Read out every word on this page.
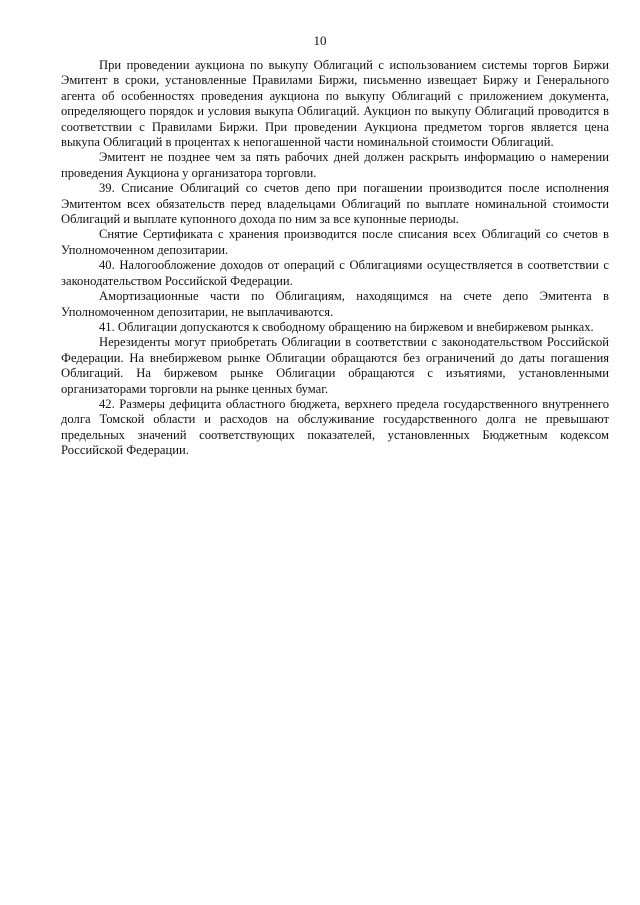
10

При проведении аукциона по выкупу Облигаций с использованием системы торгов Биржи Эмитент в сроки, установленные Правилами Биржи, письменно извещает Биржу и Генерального агента об особенностях проведения аукциона по выкупу Облигаций с приложением документа, определяющего порядок и условия выкупа Облигаций. Аукцион по выкупу Облигаций проводится в соответствии с Правилами Биржи. При проведении Аукциона предметом торгов является цена выкупа Облигаций в процентах к непогашенной части номинальной стоимости Облигаций.

Эмитент не позднее чем за пять рабочих дней должен раскрыть информацию о намерении проведения Аукциона у организатора торговли.

39. Списание Облигаций со счетов депо при погашении производится после исполнения Эмитентом всех обязательств перед владельцами Облигаций по выплате номинальной стоимости Облигаций и выплате купонного дохода по ним за все купонные периоды.

Снятие Сертификата с хранения производится после списания всех Облигаций со счетов в Уполномоченном депозитарии.

40. Налогообложение доходов от операций с Облигациями осуществляется в соответствии с законодательством Российской Федерации.

Амортизационные части по Облигациям, находящимся на счете депо Эмитента в Уполномоченном депозитарии, не выплачиваются.

41. Облигации допускаются к свободному обращению на биржевом и внебиржевом рынках.

Нерезиденты могут приобретать Облигации в соответствии с законодательством Российской Федерации. На внебиржевом рынке Облигации обращаются без ограничений до даты погашения Облигаций. На биржевом рынке Облигации обращаются с изъятиями, установленными организаторами торговли на рынке ценных бумаг.

42. Размеры дефицита областного бюджета, верхнего предела государственного внутреннего долга Томской области и расходов на обслуживание государственного долга не превышают предельных значений соответствующих показателей, установленных Бюджетным кодексом Российской Федерации.
